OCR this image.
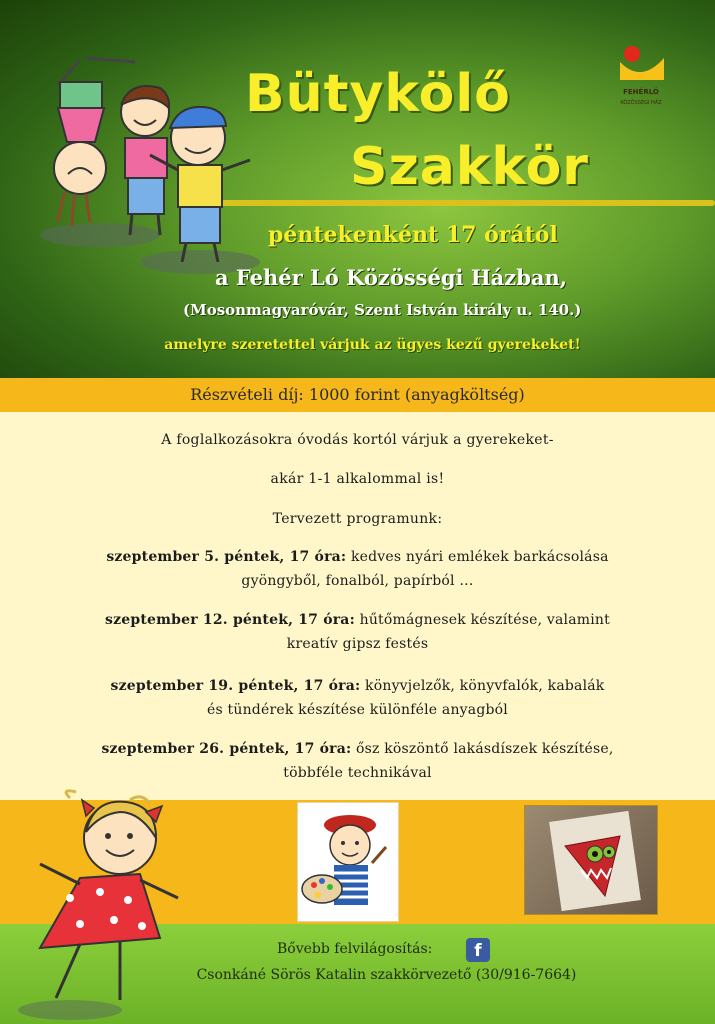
Bütykölő
Szakkör
FEHÉRLÓ
KÖZÖSSÉGI HÁZ
péntekenként 17 órától
a Fehér Ló Közösségi Házban,
(Mosonmagyaróvár, Szent István király u. 140.)
amelyre szeretettel várjuk az ügyes kezű gyerekeket!
Részvételi díj: 1000 forint (anyagköltség)
A foglalkozásokra óvodás kortól várjuk a gyerekeket-
akár 1-1 alkalommal is!
Tervezett programunk:
szeptember 5. péntek, 17 óra: kedves nyári emlékek barkácsolása
gyöngyből, fonalból, papírból …
szeptember 12. péntek, 17 óra: hűtőmágnesek készítése, valamint
kreatív gipsz festés
szeptember 19. péntek, 17 óra: könyvjelzők, könyvfalók, kabalák
és tündérek készítése különféle anyagból
szeptember 26. péntek, 17 óra: ősz köszöntő lakásdíszek készítése,
többféle technikával
Bővebb felvilágosítás:	f
Csonkáné Sörös Katalin szakkörvezető (30/916-7664)
